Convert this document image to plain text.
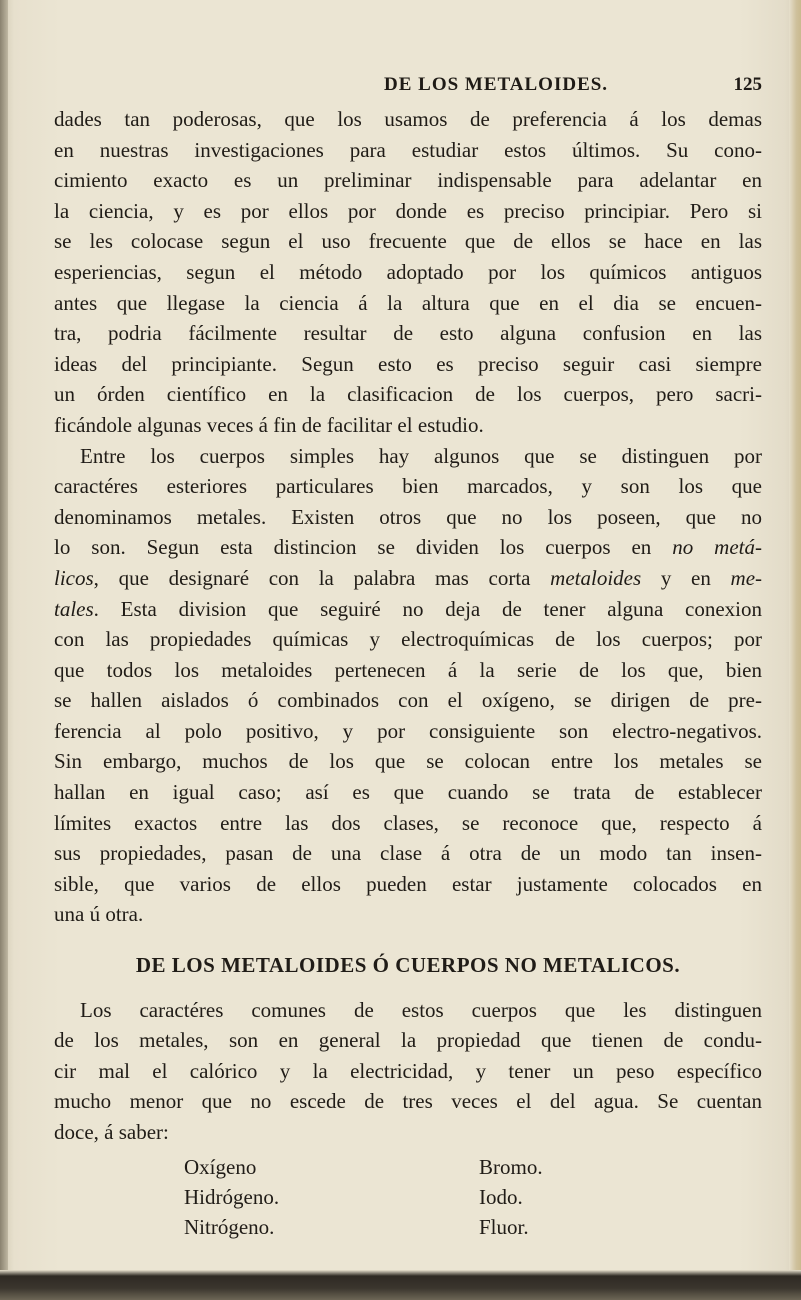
DE LOS METALOIDES.	125

dades tan poderosas, que los usamos de preferencia á los demas

en nuestras investigaciones para estudiar estos últimos. Su cono-

cimiento exacto es un preliminar indispensable para adelantar en

la ciencia, y es por ellos por donde es preciso principiar. Pero si

se les colocase segun el uso frecuente que de ellos se hace en las

esperiencias, segun el método adoptado por los químicos antiguos

antes que llegase la ciencia á la altura que en el dia se encuen-

tra, podria fácilmente resultar de esto alguna confusion en las

ideas del principiante. Segun esto es preciso seguir casi siempre

un órden científico en la clasificacion de los cuerpos, pero sacri-

ficándole algunas veces á fin de facilitar el estudio.

Entre los cuerpos simples hay algunos que se distinguen por

caractéres esteriores particulares bien marcados, y son los que

denominamos metales. Existen otros que no los poseen, que no

lo son. Segun esta distincion se dividen los cuerpos en no metá-

licos, que designaré con la palabra mas corta metaloides y en me-

tales. Esta division que seguiré no deja de tener alguna conexion

con las propiedades químicas y electroquímicas de los cuerpos; por

que todos los metaloides pertenecen á la serie de los que, bien

se hallen aislados ó combinados con el oxígeno, se dirigen de pre-

ferencia al polo positivo, y por consiguiente son electro-negativos.

Sin embargo, muchos de los que se colocan entre los metales se

hallan en igual caso; así es que cuando se trata de establecer

límites exactos entre las dos clases, se reconoce que, respecto á

sus propiedades, pasan de una clase á otra de un modo tan insen-

sible, que varios de ellos pueden estar justamente colocados en

una ú otra.

DE LOS METALOIDES Ó CUERPOS NO METALICOS.

Los caractéres comunes de estos cuerpos que les distinguen

de los metales, son en general la propiedad que tienen de condu-

cir mal el calórico y la electricidad, y tener un peso específico

mucho menor que no escede de tres veces el del agua. Se cuentan

doce, á saber:

Oxígeno
Hidrógeno.
Nitrógeno.
Bromo.
Iodo.
Fluor.
